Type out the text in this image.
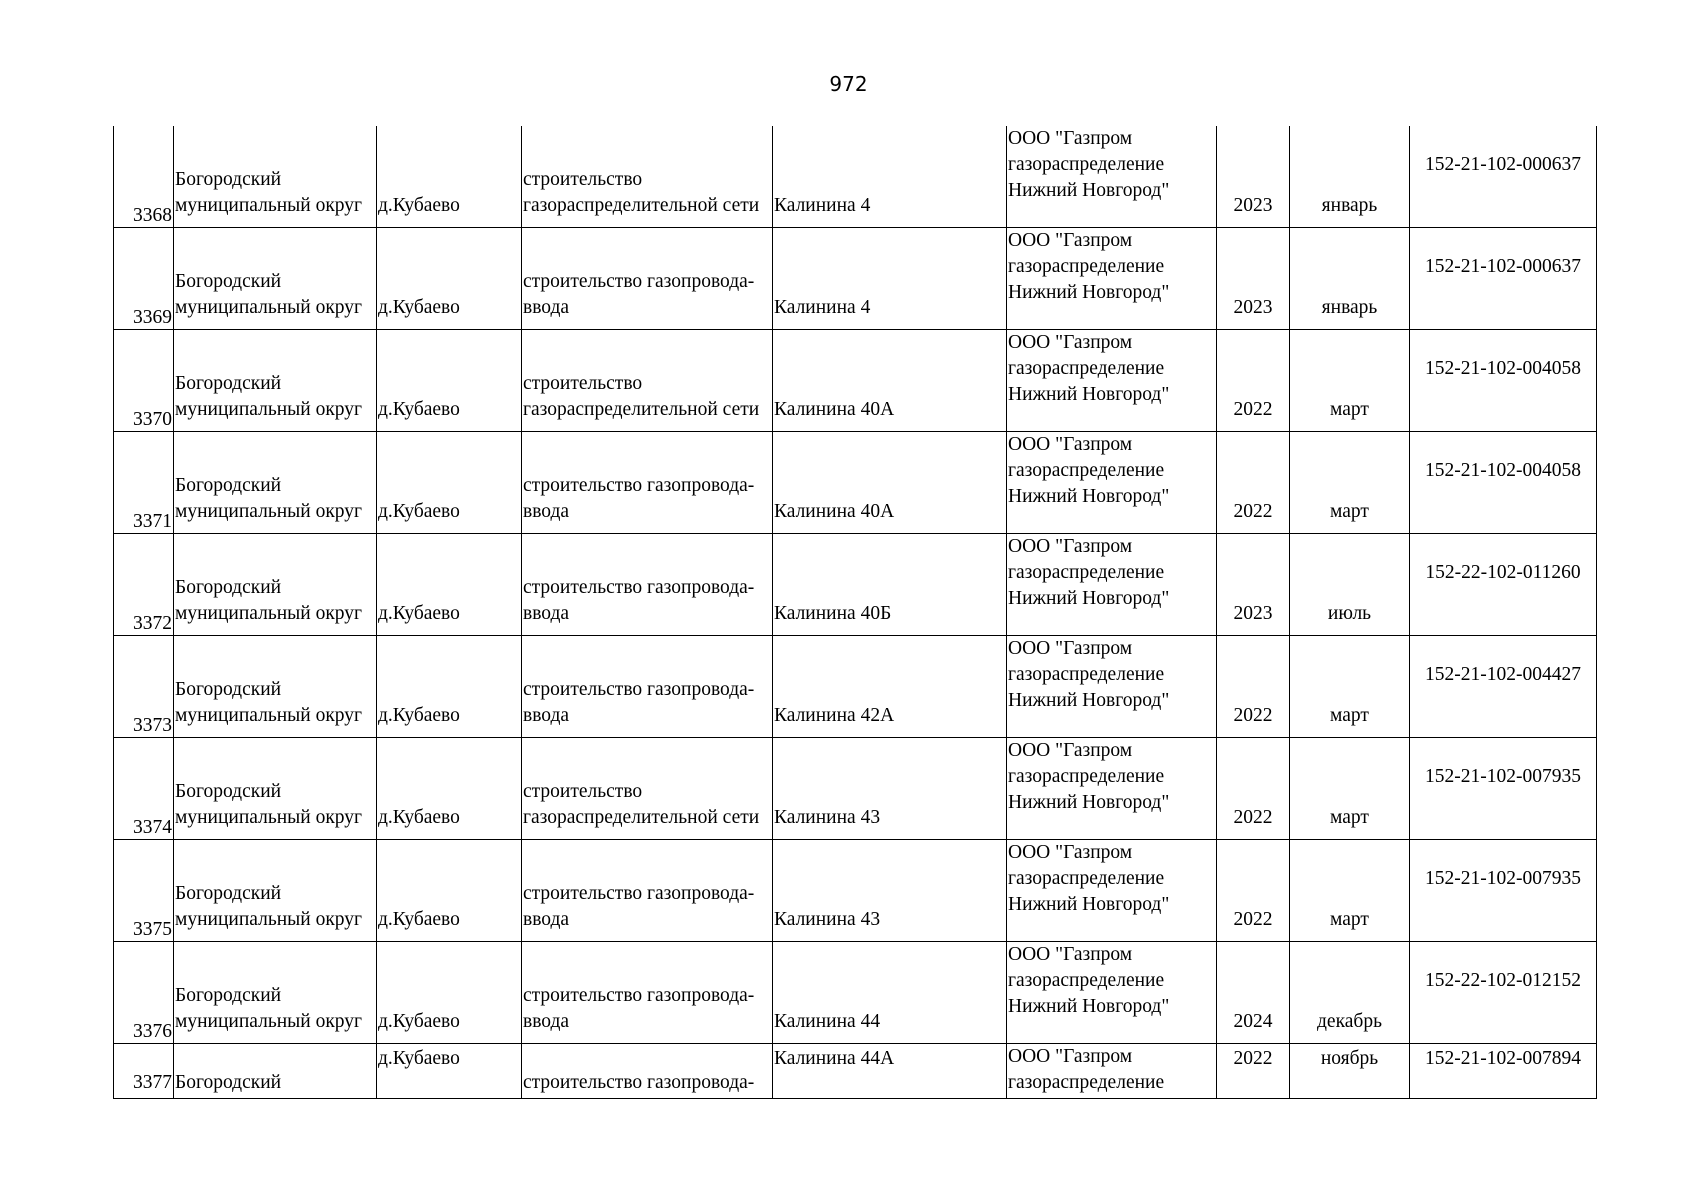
972
3368	Богородский
муниципальный округ	д.Кубаево	строительство
газораспределительной сети	Калинина 4	ООО "Газпром
газораспределение
Нижний Новгород"	2023	январь	152-21-102-000637

3369	Богородский
муниципальный округ	д.Кубаево	строительство газопровода-
ввода	Калинина 4	ООО "Газпром
газораспределение
Нижний Новгород"	2023	январь	152-21-102-000637

3370	Богородский
муниципальный округ	д.Кубаево	строительство
газораспределительной сети	Калинина 40А	ООО "Газпром
газораспределение
Нижний Новгород"	2022	март	152-21-102-004058

3371	Богородский
муниципальный округ	д.Кубаево	строительство газопровода-
ввода	Калинина 40А	ООО "Газпром
газораспределение
Нижний Новгород"	2022	март	152-21-102-004058

3372	Богородский
муниципальный округ	д.Кубаево	строительство газопровода-
ввода	Калинина 40Б	ООО "Газпром
газораспределение
Нижний Новгород"	2023	июль	152-22-102-011260

3373	Богородский
муниципальный округ	д.Кубаево	строительство газопровода-
ввода	Калинина 42А	ООО "Газпром
газораспределение
Нижний Новгород"	2022	март	152-21-102-004427

3374	Богородский
муниципальный округ	д.Кубаево	строительство
газораспределительной сети	Калинина 43	ООО "Газпром
газораспределение
Нижний Новгород"	2022	март	152-21-102-007935

3375	Богородский
муниципальный округ	д.Кубаево	строительство газопровода-
ввода	Калинина 43	ООО "Газпром
газораспределение
Нижний Новгород"	2022	март	152-21-102-007935

3376	Богородский
муниципальный округ	д.Кубаево	строительство газопровода-
ввода	Калинина 44	ООО "Газпром
газораспределение
Нижний Новгород"	2024	декабрь	152-22-102-012152

3377	Богородский	д.Кубаево	строительство газопровода-	Калинина 44А	ООО "Газпром
газораспределение	2022	ноябрь	152-21-102-007894
